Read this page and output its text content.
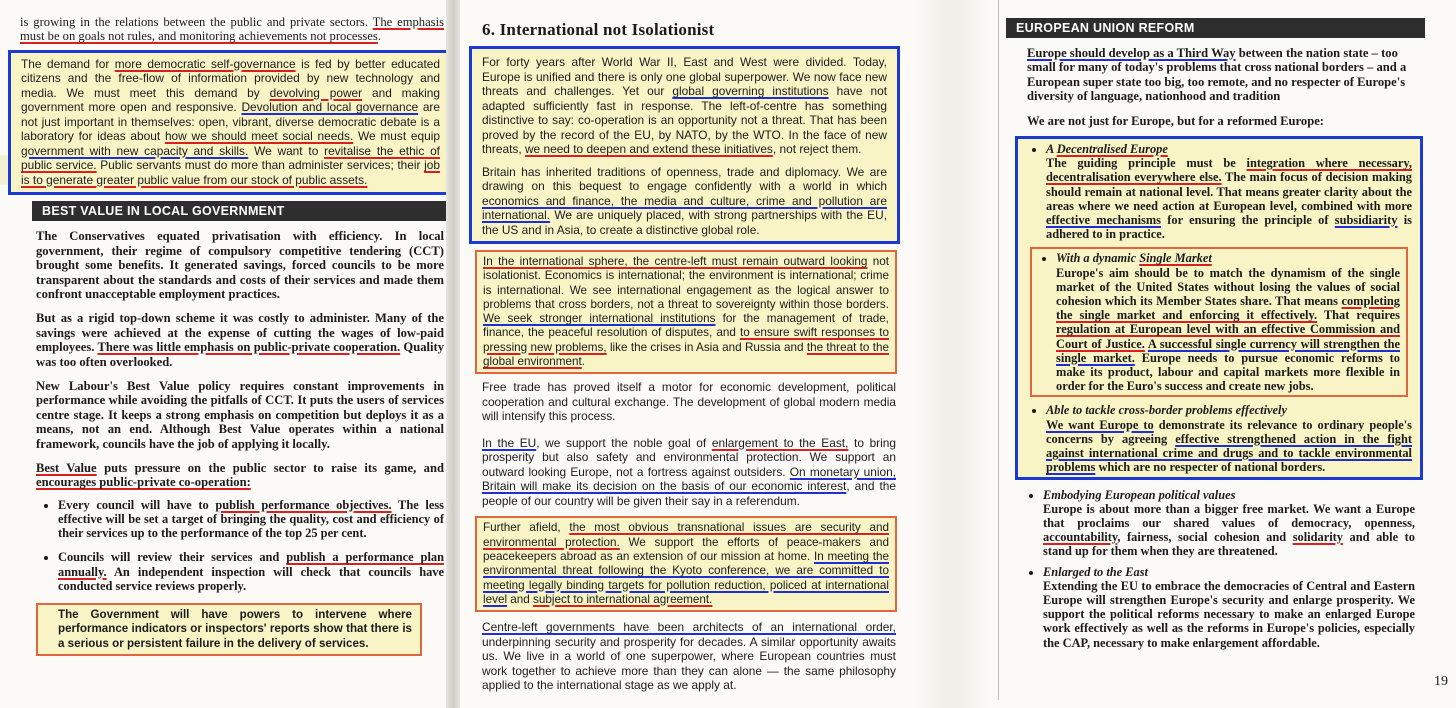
is growing in the relations between the public and private sectors. The emphasis must be on goals not rules, and monitoring achievements not processes.

The demand for more democratic self-governance is fed by better educated citizens and the free-flow of information provided by new technology and media. We must meet this demand by devolving power and making government more open and responsive. Devolution and local governance are not just important in themselves: open, vibrant, diverse democratic debate is a laboratory for ideas about how we should meet social needs. We must equip government with new capacity and skills. We want to revitalise the ethic of public service. Public servants must do more than administer services; their job is to generate greater public value from our stock of public assets.

BEST VALUE IN LOCAL GOVERNMENT

The Conservatives equated privatisation with efficiency. In local government, their regime of compulsory competitive tendering (CCT) brought some benefits. It generated savings, forced councils to be more transparent about the standards and costs of their services and made them confront unacceptable employment practices.

But as a rigid top-down scheme it was costly to administer. Many of the savings were achieved at the expense of cutting the wages of low-paid employees. There was little emphasis on public-private cooperation. Quality was too often overlooked.

New Labour's Best Value policy requires constant improvements in performance while avoiding the pitfalls of CCT. It puts the users of services centre stage. It keeps a strong emphasis on competition but deploys it as a means, not an end. Although Best Value operates within a national framework, councils have the job of applying it locally.

Best Value puts pressure on the public sector to raise its game, and encourages public-private co-operation:

• Every council will have to publish performance objectives. The less effective will be set a target of bringing the quality, cost and efficiency of their services up to the performance of the top 25 per cent.
• Councils will review their services and publish a performance plan annually. An independent inspection will check that councils have conducted service reviews properly.

The Government will have powers to intervene where performance indicators or inspectors' reports show that there is a serious or persistent failure in the delivery of services.

6. International not Isolationist

For forty years after World War II, East and West were divided. Today, Europe is unified and there is only one global superpower. We now face new threats and challenges. Yet our global governing institutions have not adapted sufficiently fast in response. The left-of-centre has something distinctive to say: co-operation is an opportunity not a threat. That has been proved by the record of the EU, by NATO, by the WTO. In the face of new threats, we need to deepen and extend these initiatives, not reject them.

Britain has inherited traditions of openness, trade and diplomacy. We are drawing on this bequest to engage confidently with a world in which economics and finance, the media and culture, crime and pollution are international. We are uniquely placed, with strong partnerships with the EU, the US and in Asia, to create a distinctive global role.

In the international sphere, the centre-left must remain outward looking not isolationist. Economics is international; the environment is international; crime is international. We see international engagement as the logical answer to problems that cross borders, not a threat to sovereignty within those borders. We seek stronger international institutions for the management of trade, finance, the peaceful resolution of disputes, and to ensure swift responses to pressing new problems, like the crises in Asia and Russia and the threat to the global environment.

Free trade has proved itself a motor for economic development, political cooperation and cultural exchange. The development of global modern media will intensify this process.

In the EU, we support the noble goal of enlargement to the East, to bring prosperity but also safety and environmental protection. We support an outward looking Europe, not a fortress against outsiders. On monetary union, Britain will make its decision on the basis of our economic interest, and the people of our country will be given their say in a referendum.

Further afield, the most obvious transnational issues are security and environmental protection. We support the efforts of peace-makers and peacekeepers abroad as an extension of our mission at home. In meeting the environmental threat following the Kyoto conference, we are committed to meeting legally binding targets for pollution reduction, policed at international level and subject to international agreement.

Centre-left governments have been architects of an international order, underpinning security and prosperity for decades. A similar opportunity awaits us. We live in a world of one superpower, where European countries must work together to achieve more than they can alone — the same philosophy applied to the international stage as we apply at.

EUROPEAN UNION REFORM

Europe should develop as a Third Way between the nation state – too small for many of today's problems that cross national borders – and a European super state too big, too remote, and no respecter of Europe's diversity of language, nationhood and tradition

We are not just for Europe, but for a reformed Europe:

• A Decentralised Europe
The guiding principle must be integration where necessary, decentralisation everywhere else. The main focus of decision making should remain at national level. That means greater clarity about the areas where we need action at European level, combined with more effective mechanisms for ensuring the principle of subsidiarity is adhered to in practice.
• With a dynamic Single Market
Europe's aim should be to match the dynamism of the single market of the United States without losing the values of social cohesion which its Member States share. That means completing the single market and enforcing it effectively. That requires regulation at European level with an effective Commission and Court of Justice. A successful single currency will strengthen the single market. Europe needs to pursue economic reforms to make its product, labour and capital markets more flexible in order for the Euro's success and create new jobs.
• Able to tackle cross-border problems effectively
We want Europe to demonstrate its relevance to ordinary people's concerns by agreeing effective strengthened action in the fight against international crime and drugs and to tackle environmental problems which are no respecter of national borders.
• Embodying European political values
Europe is about more than a bigger free market. We want a Europe that proclaims our shared values of democracy, openness, accountability, fairness, social cohesion and solidarity and able to stand up for them when they are threatened.
• Enlarged to the East
Extending the EU to embrace the democracies of Central and Eastern Europe will strengthen Europe's security and enlarge prosperity. We support the political reforms necessary to make an enlarged Europe work effectively as well as the reforms in Europe's policies, especially the CAP, necessary to make enlargement affordable.
19
